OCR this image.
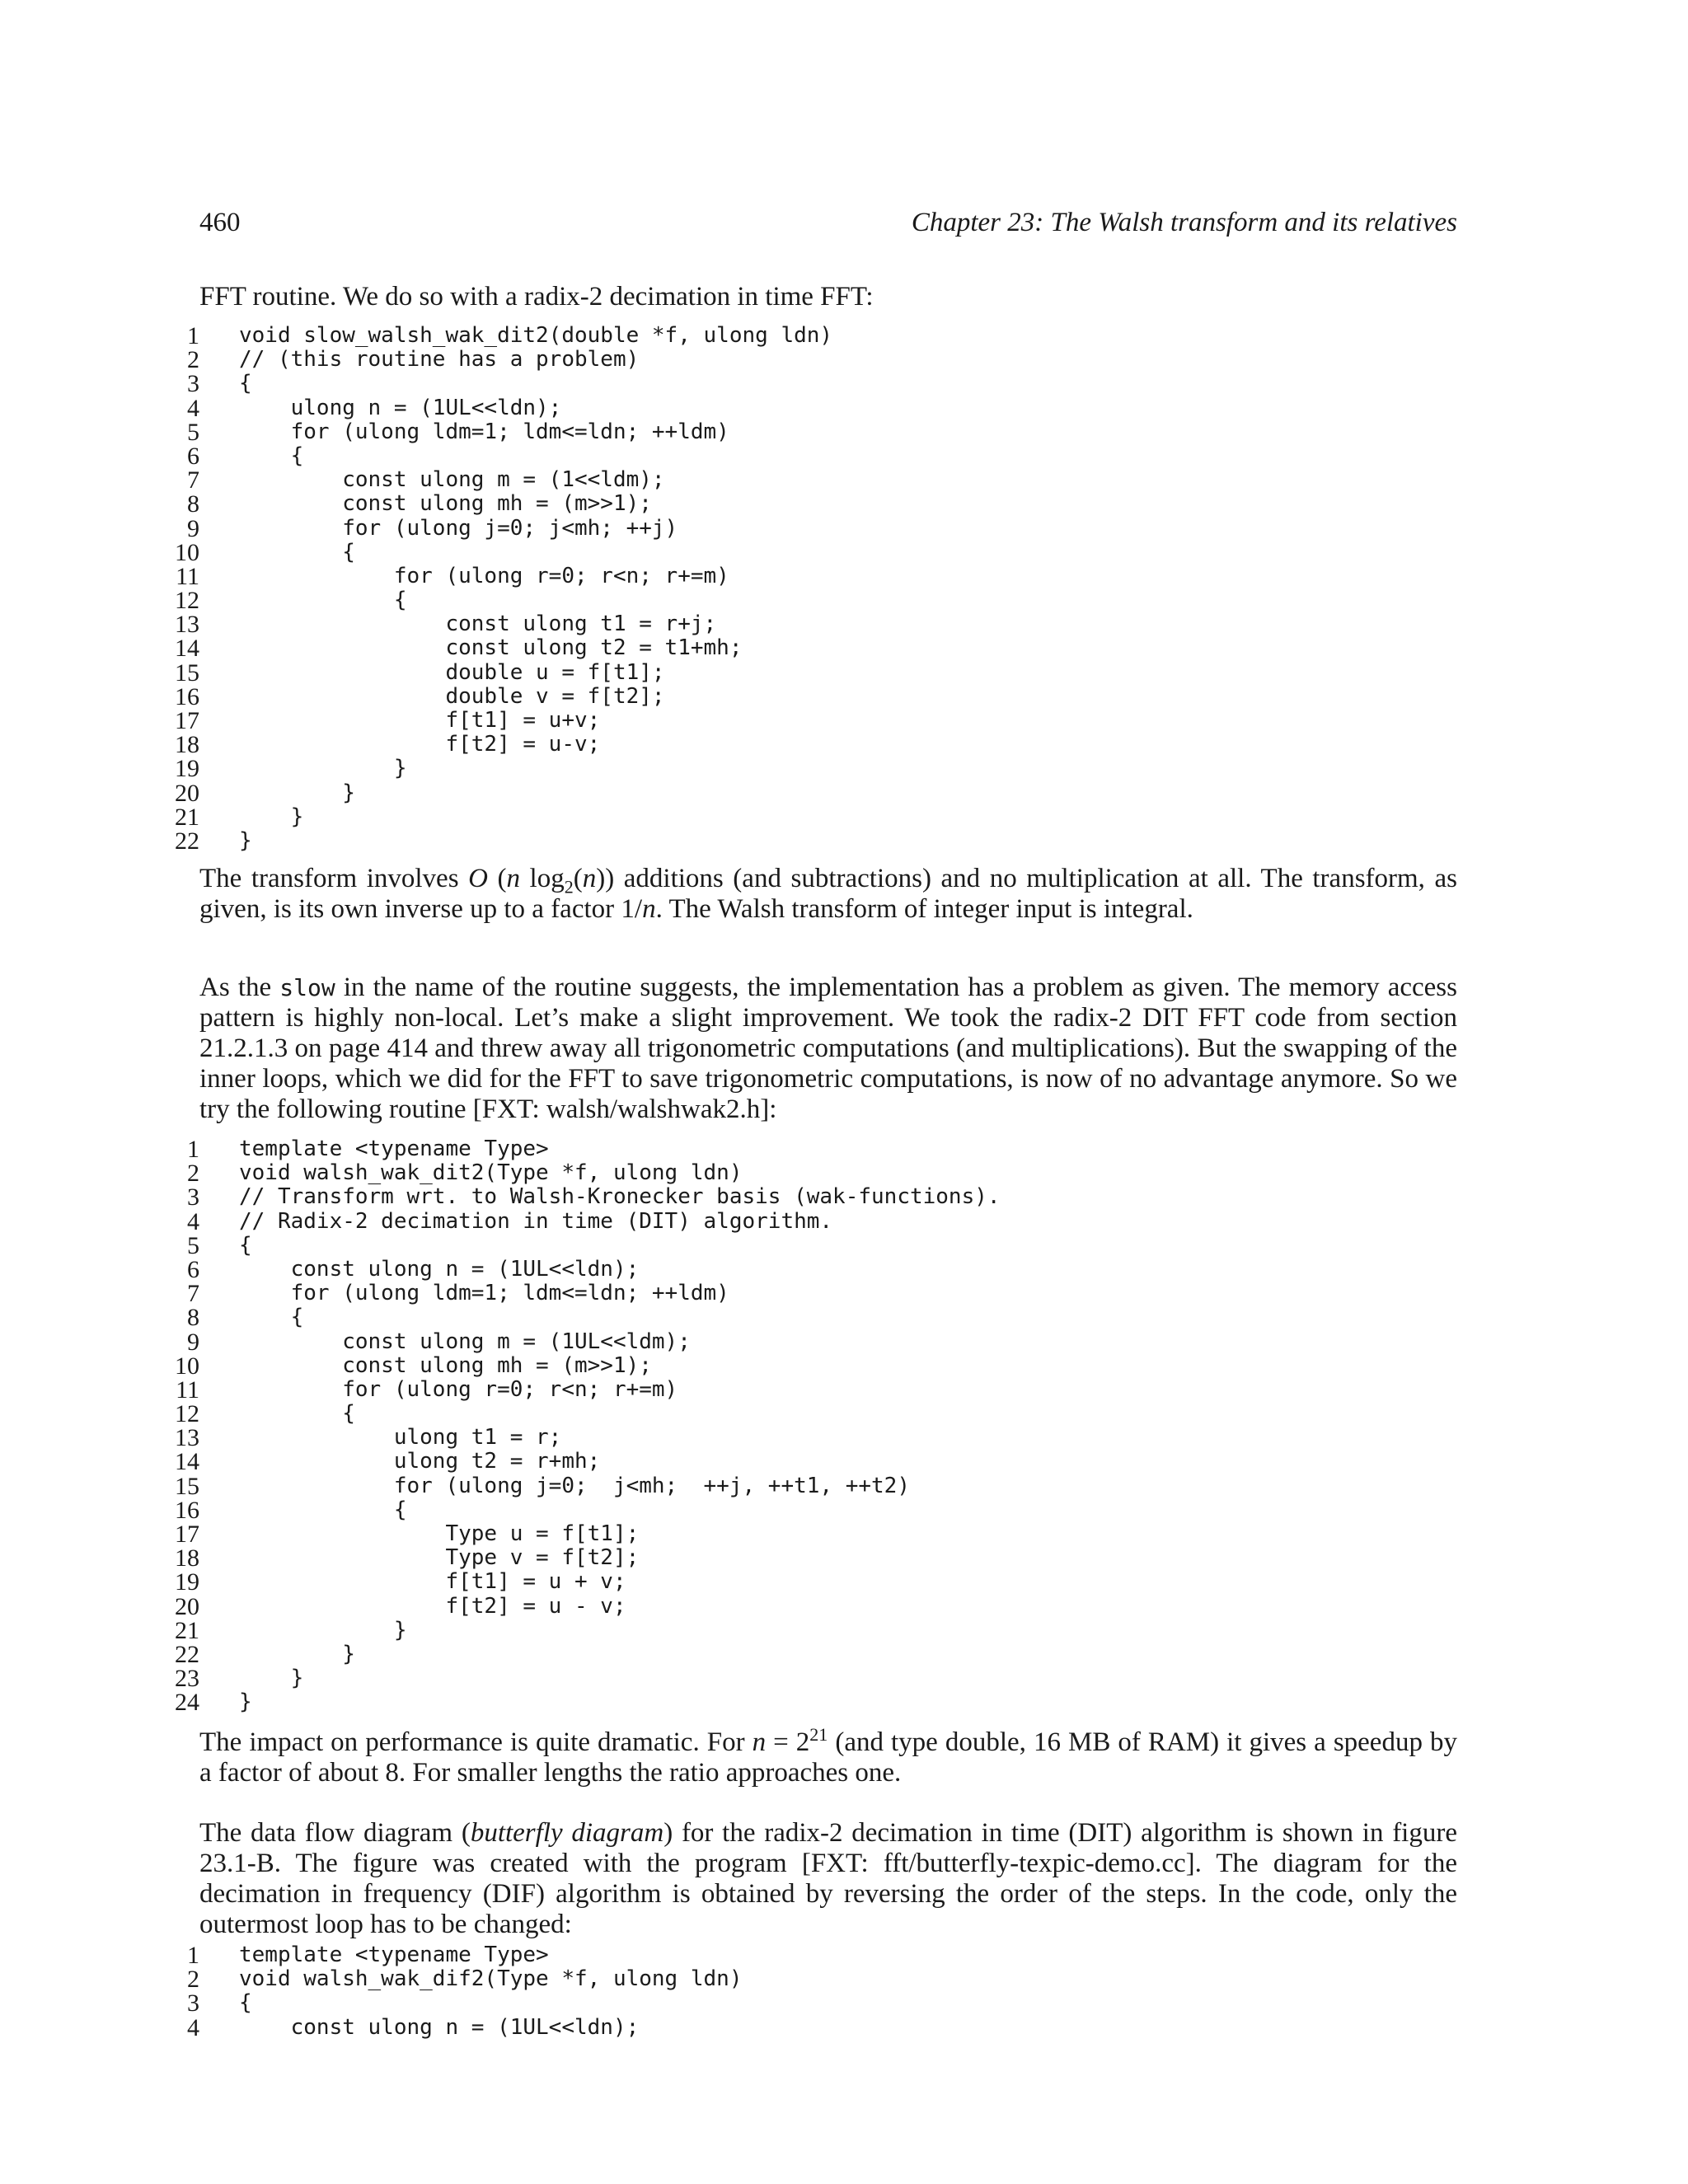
460	Chapter 23: The Walsh transform and its relatives

FFT routine. We do so with a radix-2 decimation in time FFT:

1 void slow_walsh_wak_dit2(double *f, ulong ldn)
2 // (this routine has a problem)
3 {
4 ulong n = (1UL<<ldn);
5 for (ulong ldm=1; ldm<=ldn; ++ldm)
6 {
7 const ulong m = (1<<ldm);
8 const ulong mh = (m>>1);
9 for (ulong j=0; j<mh; ++j)
10 {
11 for (ulong r=0; r<n; r+=m)
12 {
13 const ulong t1 = r+j;
14 const ulong t2 = t1+mh;
15 double u = f[t1];
16 double v = f[t2];
17 f[t1] = u+v;
18 f[t2] = u-v;
19 }
20 }
21 }
22 }

The transform involves O (n $\log_2(n)$) additions (and subtractions) and no multiplication at all. The transform, as given, is its own inverse up to a factor 1/n. The Walsh transform of integer input is integral.

As the slow in the name of the routine suggests, the implementation has a problem as given. The memory access pattern is highly non-local. Let’s make a slight improvement. We took the radix-2 DIT FFT code from section 21.2.1.3 on page 414 and threw away all trigonometric computations (and multiplications). But the swapping of the inner loops, which we did for the FFT to save trigonometric computations, is now of no advantage anymore. So we try the following routine [FXT: walsh/walshwak2.h]:

1 template <typename Type>
2 void walsh_wak_dit2(Type *f, ulong ldn)
3 // Transform wrt. to Walsh-Kronecker basis (wak-functions).
4 // Radix-2 decimation in time (DIT) algorithm.
5 {
6 const ulong n = (1UL<<ldn);
7 for (ulong ldm=1; ldm<=ldn; ++ldm)
8 {
9 const ulong m = (1UL<<ldm);
10 const ulong mh = (m>>1);
11 for (ulong r=0; r<n; r+=m)
12 {
13 ulong t1 = r;
14 ulong t2 = r+mh;
15 for (ulong j=0;  j<mh;  ++j, ++t1, ++t2)
16 {
17 Type u = f[t1];
18 Type v = f[t2];
19 f[t1] = u + v;
20 f[t2] = u - v;
21 }
22 }
23 }
24 }

The impact on performance is quite dramatic. For $n = 2^{21}$ (and type double, 16 MB of RAM) it gives a speedup by a factor of about 8. For smaller lengths the ratio approaches one.

The data flow diagram (butterfly diagram) for the radix-2 decimation in time (DIT) algorithm is shown in figure 23.1-B. The figure was created with the program [FXT: fft/butterfly-texpic-demo.cc]. The diagram for the decimation in frequency (DIF) algorithm is obtained by reversing the order of the steps. In the code, only the outermost loop has to be changed:

1 template <typename Type>
2 void walsh_wak_dif2(Type *f, ulong ldn)
3 {
4 const ulong n = (1UL<<ldn);
